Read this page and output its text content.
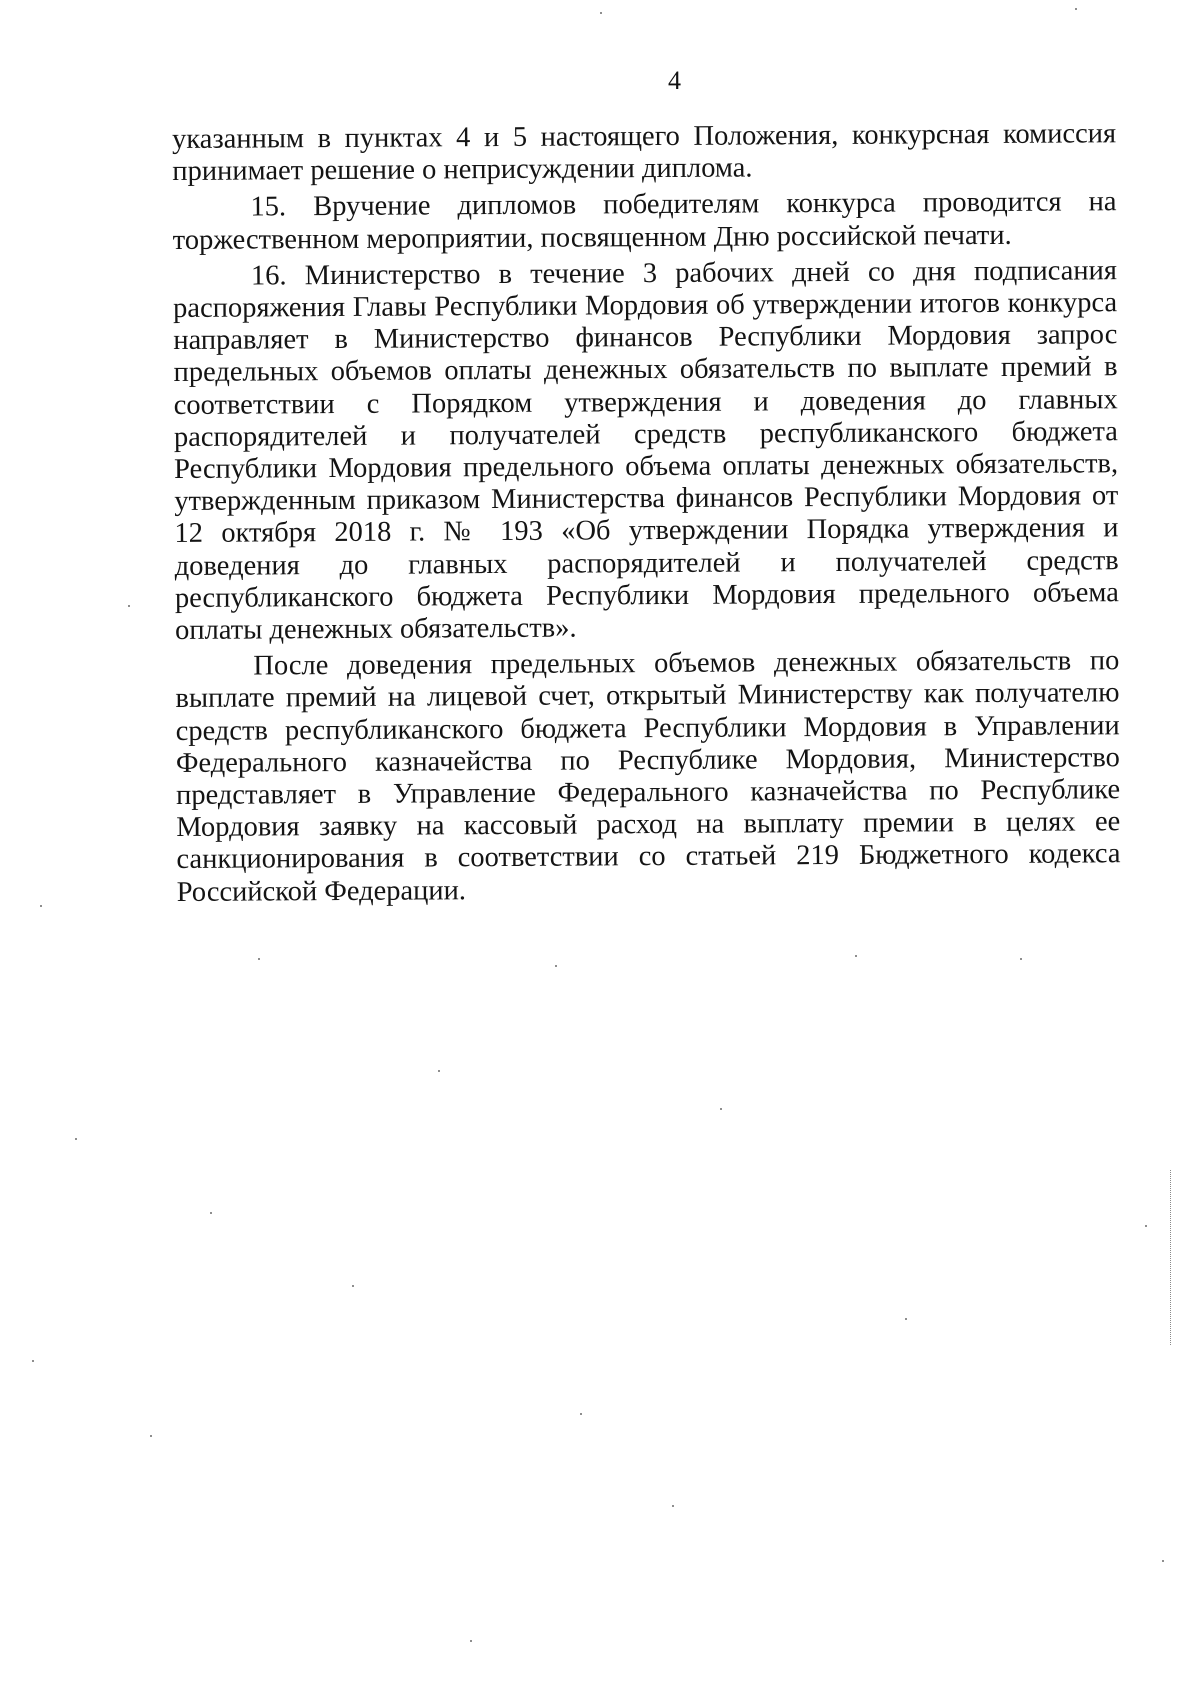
4

указанным в пунктах 4 и 5 настоящего Положения, конкурсная комиссия принимает решение о неприсуждении диплома.

15. Вручение дипломов победителям конкурса проводится на торжественном мероприятии, посвященном Дню российской печати.

16. Министерство в течение 3 рабочих дней со дня подписания распоряжения Главы Республики Мордовия об утверждении итогов конкурса направляет в Министерство финансов Республики Мордовия запрос предельных объемов оплаты денежных обязательств по выплате премий в соответствии с Порядком утверждения и доведения до главных распорядителей и получателей средств республиканского бюджета Республики Мордовия предельного объема оплаты денежных обязательств, утвержденным приказом Министерства финансов Республики Мордовия от 12 октября 2018 г. № 193 «Об утверждении Порядка утверждения и доведения до главных распорядителей и получателей средств республиканского бюджета Республики Мордовия предельного объема оплаты денежных обязательств».

После доведения предельных объемов денежных обязательств по выплате премий на лицевой счет, открытый Министерству как получателю средств республиканского бюджета Республики Мордовия в Управлении Федерального казначейства по Республике Мордовия, Министерство представляет в Управление Федерального казначейства по Республике Мордовия заявку на кассовый расход на выплату премии в целях ее санкционирования в соответствии со статьей 219 Бюджетного кодекса Российской Федерации.
